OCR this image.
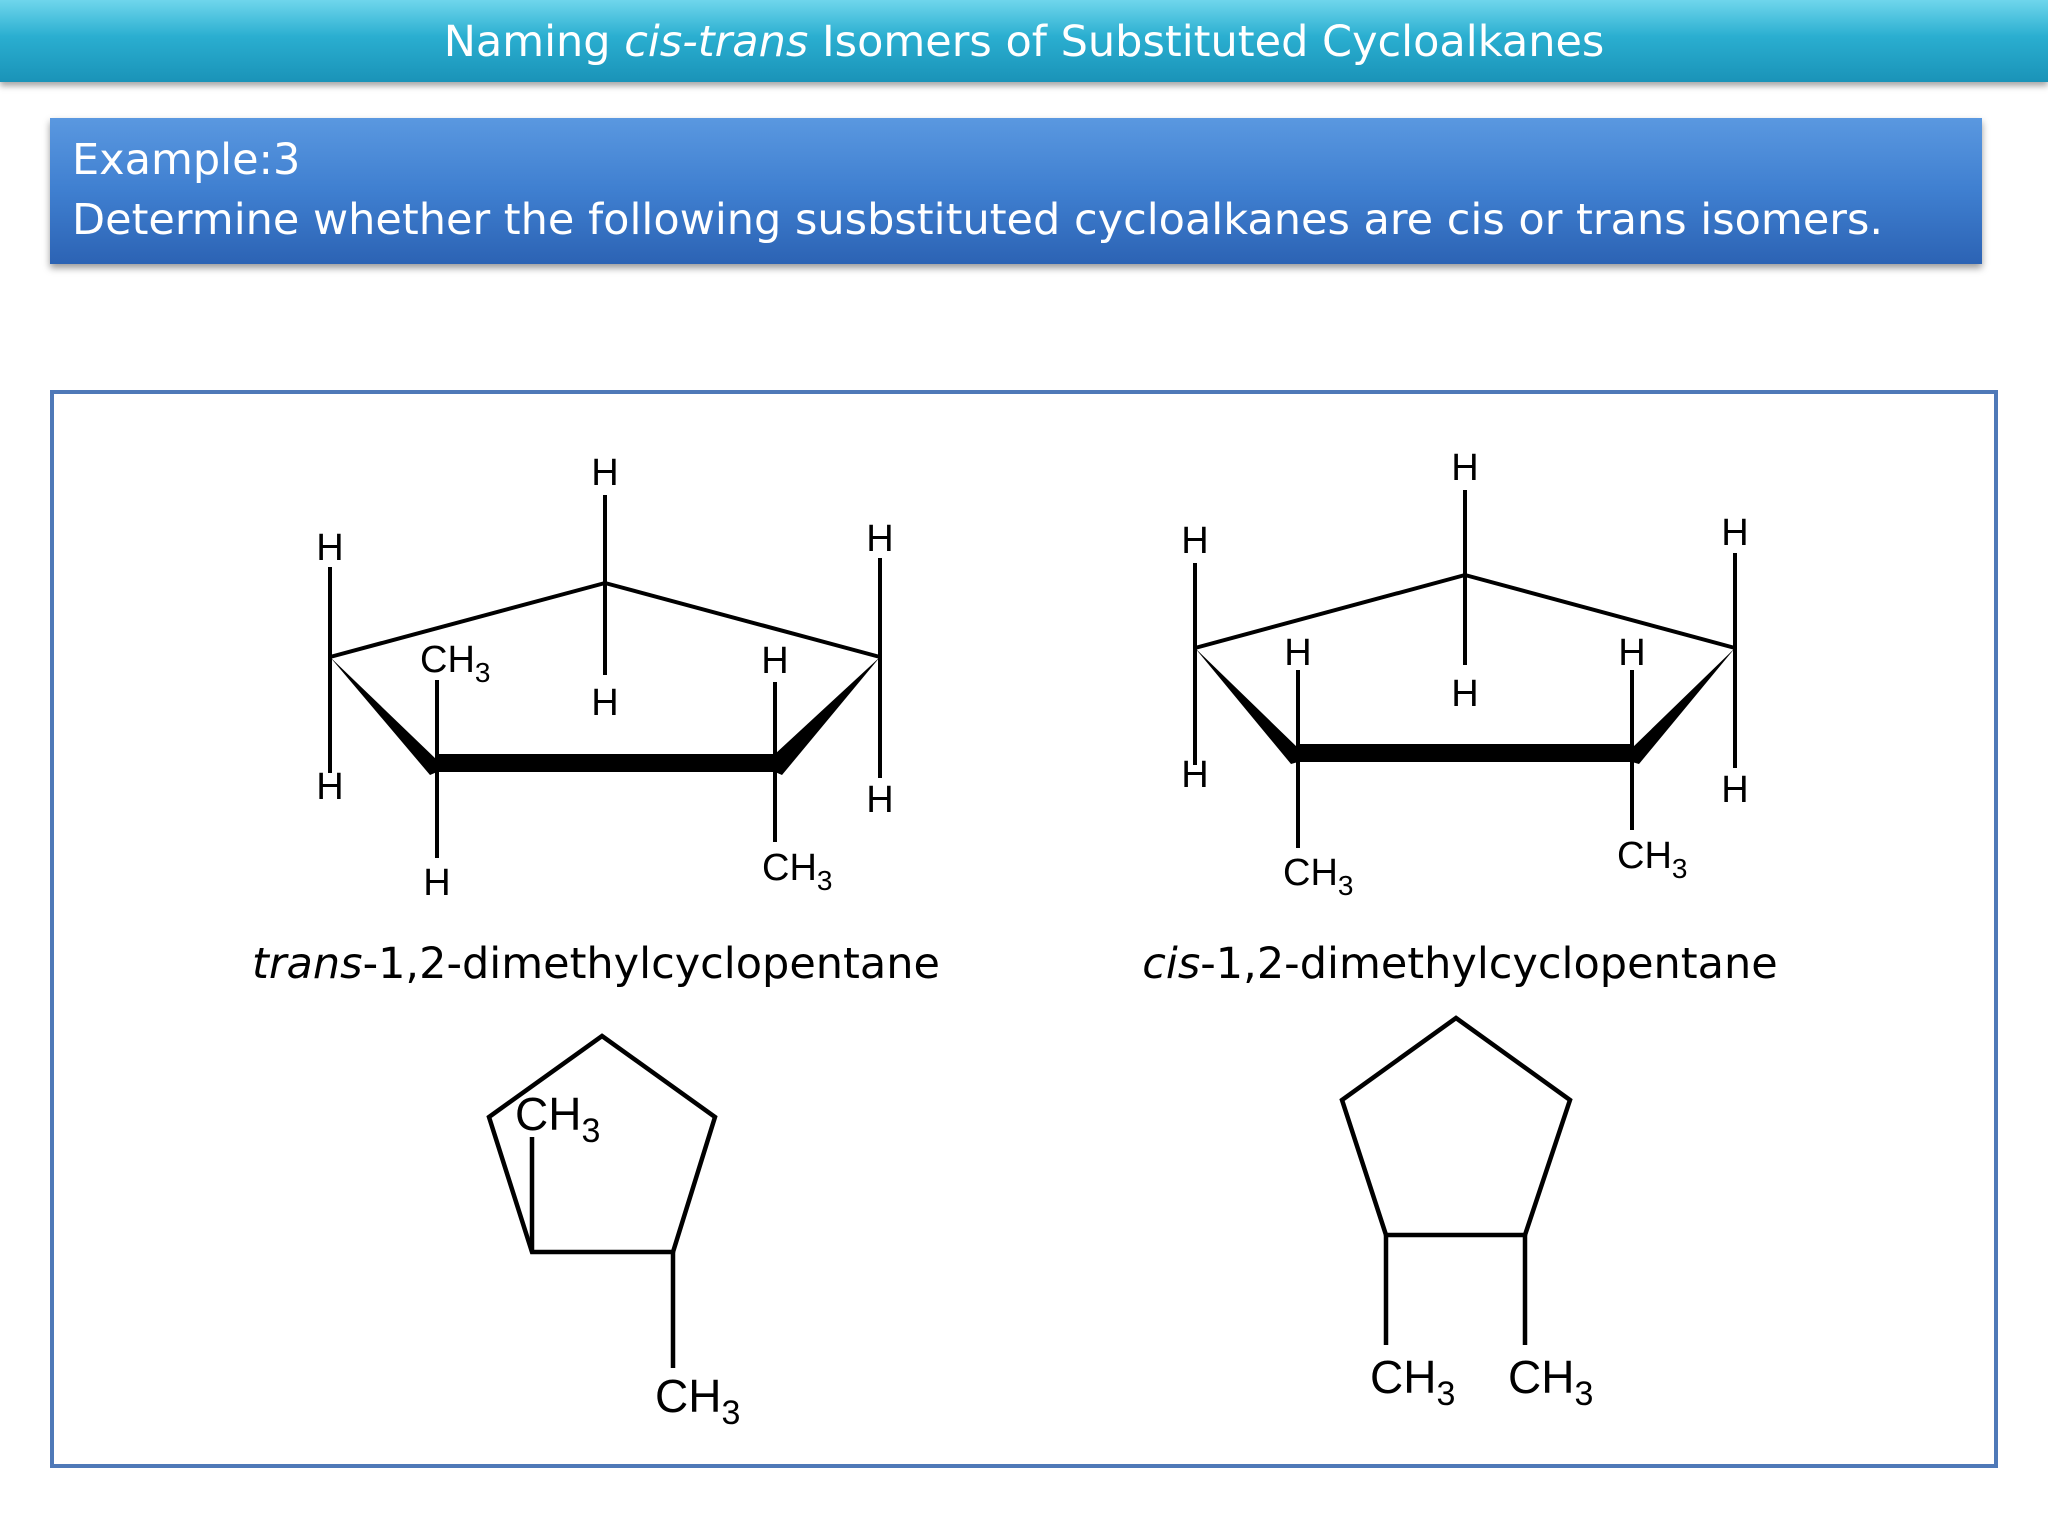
Naming cis-trans Isomers of Substituted Cycloalkanes
Example:3
Determine whether the following susbstituted cycloalkanes are cis or trans isomers.
H
H
H
H
H
H
H
H
$CH_3$
$CH_3$
trans-1,2-dimethylcyclopentane
H
H
H
H
H	H
H
H
$CH_3$
$CH_3$
cis-1,2-dimethylcyclopentane
$CH_3$
$CH_3$
$CH_3$ $CH_3$
